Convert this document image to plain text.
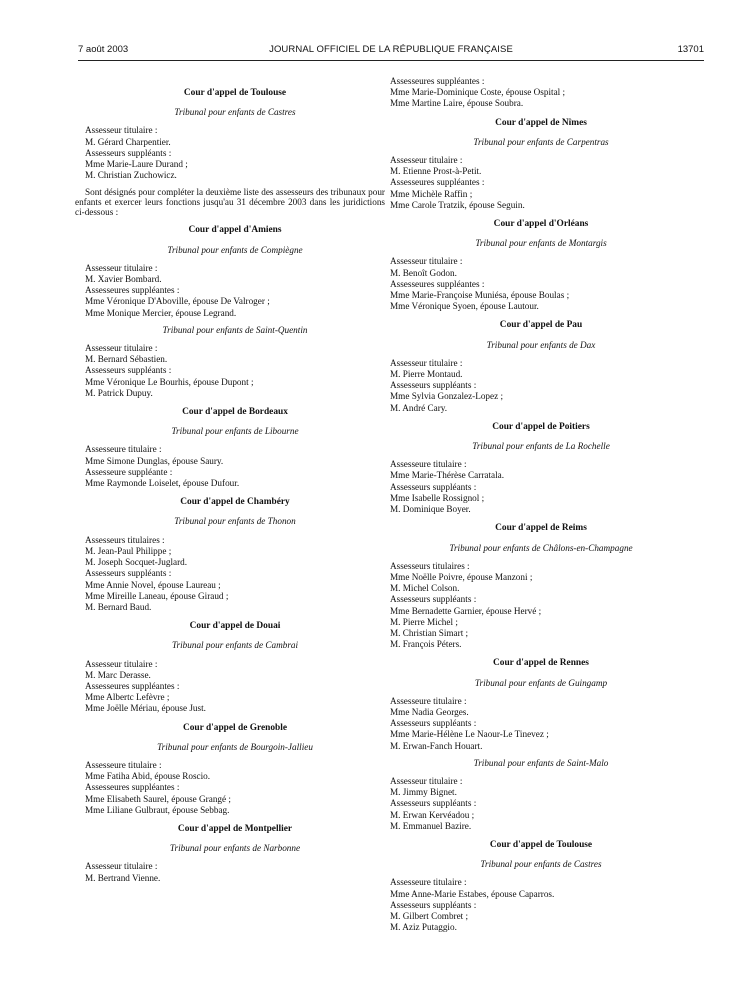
7 août 2003	JOURNAL OFFICIEL DE LA RÉPUBLIQUE FRANÇAISE	13701
Cour d'appel de Toulouse
Tribunal pour enfants de Castres
Assesseur titulaire :
M. Gérard Charpentier.
Assesseurs suppléants :
Mme Marie-Laure Durand ;
M. Christian Zuchowicz.
Sont désignés pour compléter la deuxième liste des assesseurs des tribunaux pour enfants et exercer leurs fonctions jusqu'au 31 décembre 2003 dans les juridictions ci-dessous :
Cour d'appel d'Amiens
Tribunal pour enfants de Compiègne
Assesseur titulaire :
M. Xavier Bombard.
Assesseures suppléantes :
Mme Véronique D'Aboville, épouse De Valroger ;
Mme Monique Mercier, épouse Legrand.
Tribunal pour enfants de Saint-Quentin
Assesseur titulaire :
M. Bernard Sébastien.
Assesseurs suppléants :
Mme Véronique Le Bourhis, épouse Dupont ;
M. Patrick Dupuy.
Cour d'appel de Bordeaux
Tribunal pour enfants de Libourne
Assesseure titulaire :
Mme Simone Dunglas, épouse Saury.
Assesseure suppléante :
Mme Raymonde Loiselet, épouse Dufour.
Cour d'appel de Chambéry
Tribunal pour enfants de Thonon
Assesseurs titulaires :
M. Jean-Paul Philippe ;
M. Joseph Socquet-Juglard.
Assesseurs suppléants :
Mme Annie Novel, épouse Laureau ;
Mme Mireille Laneau, épouse Giraud ;
M. Bernard Baud.
Cour d'appel de Douai
Tribunal pour enfants de Cambrai
Assesseur titulaire :
M. Marc Derasse.
Assesseures suppléantes :
Mme Albertc Lefèvre ;
Mme Joëlle Mériau, épouse Just.
Cour d'appel de Grenoble
Tribunal pour enfants de Bourgoin-Jallieu
Assesseure titulaire :
Mme Fatiha Abid, épouse Roscio.
Assesseures suppléantes :
Mme Elisabeth Saurel, épouse Grangé ;
Mme Liliane Gulbraut, épouse Sebbag.
Cour d'appel de Montpellier
Tribunal pour enfants de Narbonne
Assesseur titulaire :
M. Bertrand Vienne.
Assesseures suppléantes :
Mme Marie-Dominique Coste, épouse Ospital ;
Mme Martine Laire, épouse Soubra.
Cour d'appel de Nîmes
Tribunal pour enfants de Carpentras
Assesseur titulaire :
M. Etienne Prost-à-Petit.
Assesseures suppléantes :
Mme Michèle Raffin ;
Mme Carole Tratzik, épouse Seguin.
Cour d'appel d'Orléans
Tribunal pour enfants de Montargis
Assesseur titulaire :
M. Benoît Godon.
Assesseures suppléantes :
Mme Marie-Françoise Muniésa, épouse Boulas ;
Mme Véronique Syoen, épouse Lautour.
Cour d'appel de Pau
Tribunal pour enfants de Dax
Assesseur titulaire :
M. Pierre Montaud.
Assesseurs suppléants :
Mme Sylvia Gonzalez-Lopez ;
M. André Cary.
Cour d'appel de Poitiers
Tribunal pour enfants de La Rochelle
Assesseure titulaire :
Mme Marie-Thérèse Carratala.
Assesseurs suppléants :
Mme Isabelle Rossignol ;
M. Dominique Boyer.
Cour d'appel de Reims
Tribunal pour enfants de Châlons-en-Champagne
Assesseurs titulaires :
Mme Noëlle Poivre, épouse Manzoni ;
M. Michel Colson.
Assesseurs suppléants :
Mme Bernadette Garnier, épouse Hervé ;
M. Pierre Michel ;
M. Christian Simart ;
M. François Péters.
Cour d'appel de Rennes
Tribunal pour enfants de Guingamp
Assesseure titulaire :
Mme Nadia Georges.
Assesseurs suppléants :
Mme Marie-Hélène Le Naour-Le Tinevez ;
M. Erwan-Fanch Houart.
Tribunal pour enfants de Saint-Malo
Assesseur titulaire :
M. Jimmy Bignet.
Assesseurs suppléants :
M. Erwan Kervéadou ;
M. Emmanuel Bazire.
Cour d'appel de Toulouse
Tribunal pour enfants de Castres
Assesseure titulaire :
Mme Anne-Marie Estabes, épouse Caparros.
Assesseurs suppléants :
M. Gilbert Combret ;
M. Aziz Putaggio.
